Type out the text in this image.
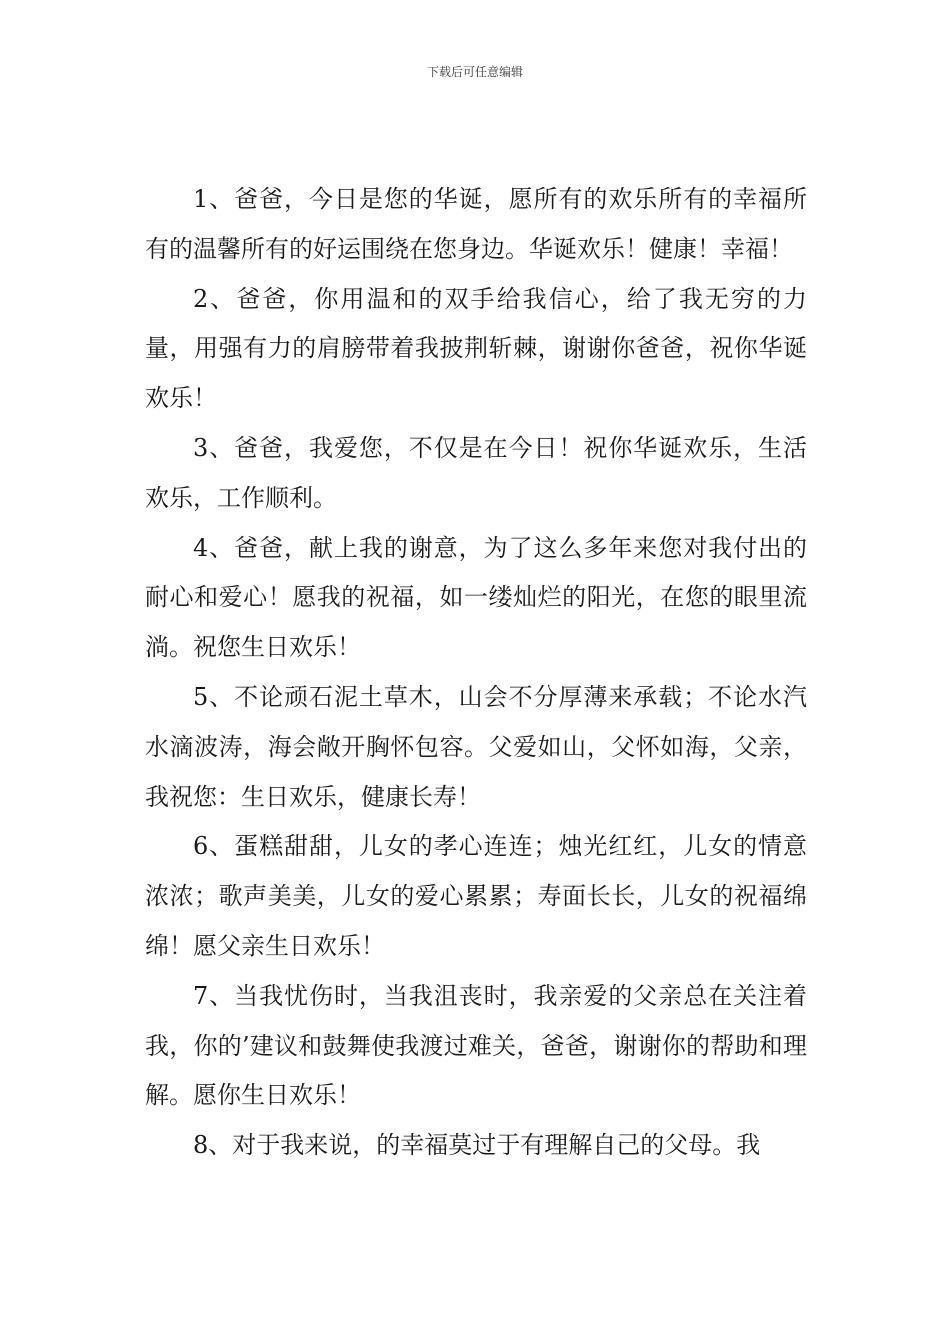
下载后可任意编辑

1、爸爸，今日是您的华诞，愿所有的欢乐所有的幸福所有的温馨所有的好运围绕在您身边。华诞欢乐！健康！幸福！

2、爸爸，你用温和的双手给我信心，给了我无穷的力量，用强有力的肩膀带着我披荆斩棘，谢谢你爸爸，祝你华诞欢乐！

3、爸爸，我爱您，不仅是在今日！祝你华诞欢乐，生活欢乐，工作顺利。

4、爸爸，献上我的谢意，为了这么多年来您对我付出的耐心和爱心！愿我的祝福，如一缕灿烂的阳光，在您的眼里流淌。祝您生日欢乐！

5、不论顽石泥土草木，山会不分厚薄来承载；不论水汽水滴波涛，海会敞开胸怀包容。父爱如山，父怀如海，父亲，我祝您：生日欢乐，健康长寿！

6、蛋糕甜甜，儿女的孝心连连；烛光红红，儿女的情意浓浓；歌声美美，儿女的爱心累累；寿面长长，儿女的祝福绵绵！愿父亲生日欢乐！

7、当我忧伤时，当我沮丧时，我亲爱的父亲总在关注着我，你的’建议和鼓舞使我渡过难关，爸爸，谢谢你的帮助和理解。愿你生日欢乐！

8、对于我来说，的幸福莫过于有理解自己的父母。我
